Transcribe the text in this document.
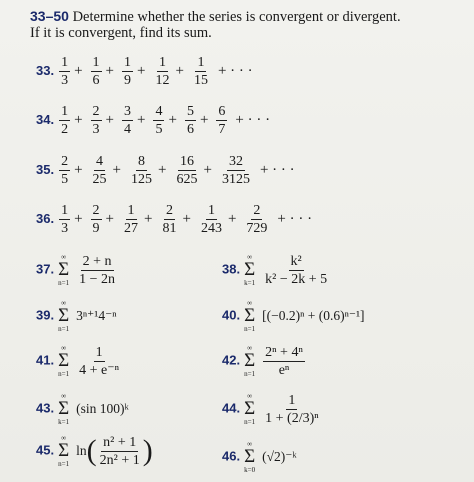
33–50 Determine whether the series is convergent or divergent.
If it is convergent, find its sum.
33. $\frac{1}{3} + \frac{1}{6} + \frac{1}{9} + \frac{1}{12} + \frac{1}{15}$ + · · ·
34. $\frac{1}{2} + \frac{2}{3} + \frac{3}{4} + \frac{4}{5} + \frac{5}{6} + \frac{6}{7}$ + · · ·
35. $\frac{2}{5} + \frac{4}{25} + \frac{8}{125} + \frac{16}{625} + \frac{32}{3125}$ + · · ·
36. $\frac{1}{3} + \frac{2}{9} + \frac{1}{27} + \frac{2}{81} + \frac{1}{243} + \frac{2}{729}$ + · · ·
37.
∞
Σ
n=1
$\frac{2 + n}{1 - 2n}$	38.
∞
Σ
k=1
$\frac{\text{k²}}{\text{k² − 2k + 5}}$
39.
∞
Σ
n=1
3ⁿ⁺¹4⁻ⁿ	40.
∞
Σ
n=1
[(−0.2)ⁿ + (0.6)ⁿ⁻¹]
41.
∞
Σ
n=1
$\frac{1}{\text{4 + e⁻ⁿ}}$	42.
∞
Σ
n=1
$\frac{\text{2ⁿ + 4ⁿ}}{\text{eⁿ}}$
43.
∞
Σ
k=1
(sin 100)ᵏ	44.
∞
Σ
n=1
$\frac{1}{\text{1 + (2/3)ⁿ}}$
45.
∞
Σ
n=1
$\ln( \frac{\text{n² + 1}}{\text{2n² + 1}}$ )	46.
∞
Σ
k=0
(√2)⁻ᵏ
